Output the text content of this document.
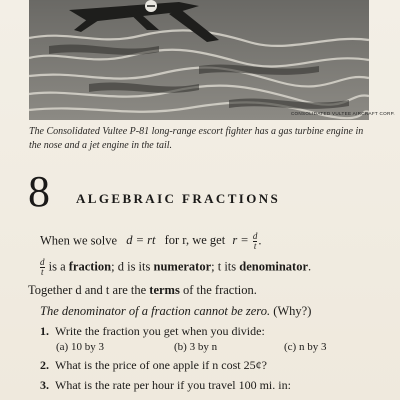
CONSOLIDATED VULTEE AIRCRAFT CORP.
The Consolidated Vultee P-81 long-range escort fighter has a gas turbine engine in the nose and a jet engine in the tail.
8 ALGEBRAIC FRACTIONS
When we solve d = rt for r, we get $r = \frac{d}{t}$ .
$\frac{d}{t}$ is a fraction; d is its numerator; t its denominator.
Together d and t are the terms of the fraction.
The denominator of a fraction cannot be zero. (Why?)
1. Write the fraction you get when you divide:
(a) 10 by 3	(b) 3 by n	(c) n by 3
2. What is the price of one apple if n cost 25¢?
3. What is the rate per hour if you travel 100 mi. in:
